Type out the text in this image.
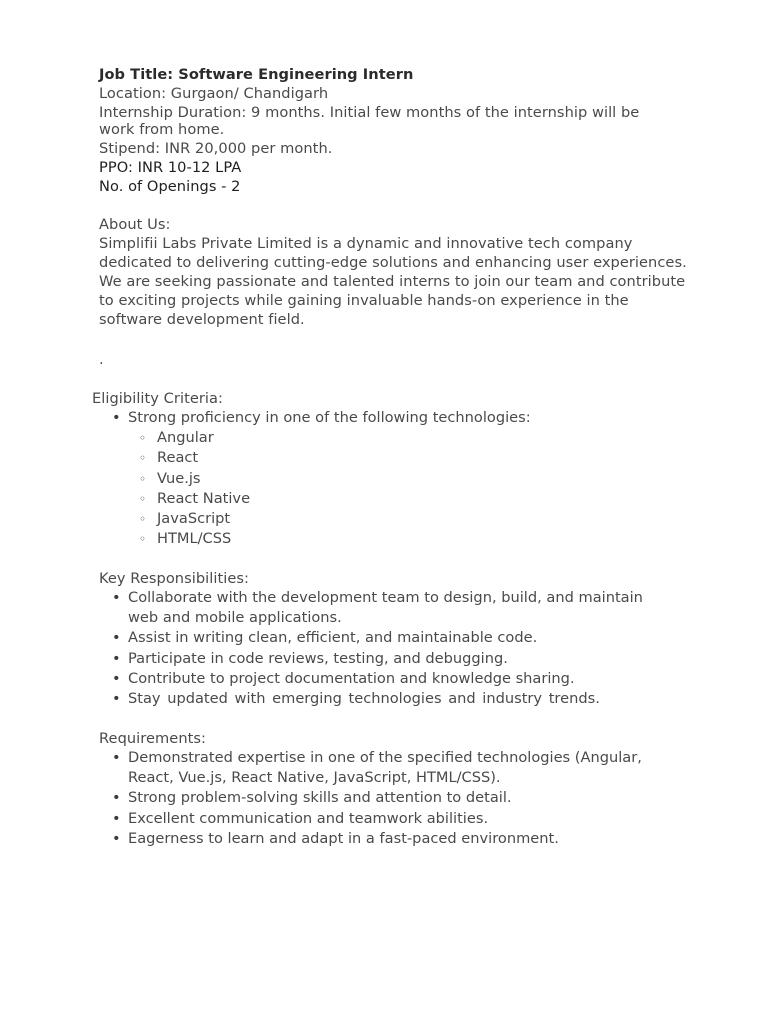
Job Title: Software Engineering Intern
Location: Gurgaon/ Chandigarh
Internship Duration: 9 months. Initial few months of the internship will be
work from home.
Stipend: INR 20,000 per month.
PPO: INR 10-12 LPA
No. of Openings - 2
About Us:
Simplifii Labs Private Limited is a dynamic and innovative tech company
dedicated to delivering cutting-edge solutions and enhancing user experiences.
We are seeking passionate and talented interns to join our team and contribute
to exciting projects while gaining invaluable hands-on experience in the
software development field.
.
Eligibility Criteria:
• Strong proficiency in one of the following technologies:
◦ Angular
◦ React
◦ Vue.js
◦ React Native
◦ JavaScript
◦ HTML/CSS
Key Responsibilities:
• Collaborate with the development team to design, build, and maintain
web and mobile applications.
• Assist in writing clean, efficient, and maintainable code.
• Participate in code reviews, testing, and debugging.
• Contribute to project documentation and knowledge sharing.
• Stay updated with emerging technologies and industry trends.
Requirements:
• Demonstrated expertise in one of the specified technologies (Angular,
React, Vue.js, React Native, JavaScript, HTML/CSS).
• Strong problem-solving skills and attention to detail.
• Excellent communication and teamwork abilities.
• Eagerness to learn and adapt in a fast-paced environment.
